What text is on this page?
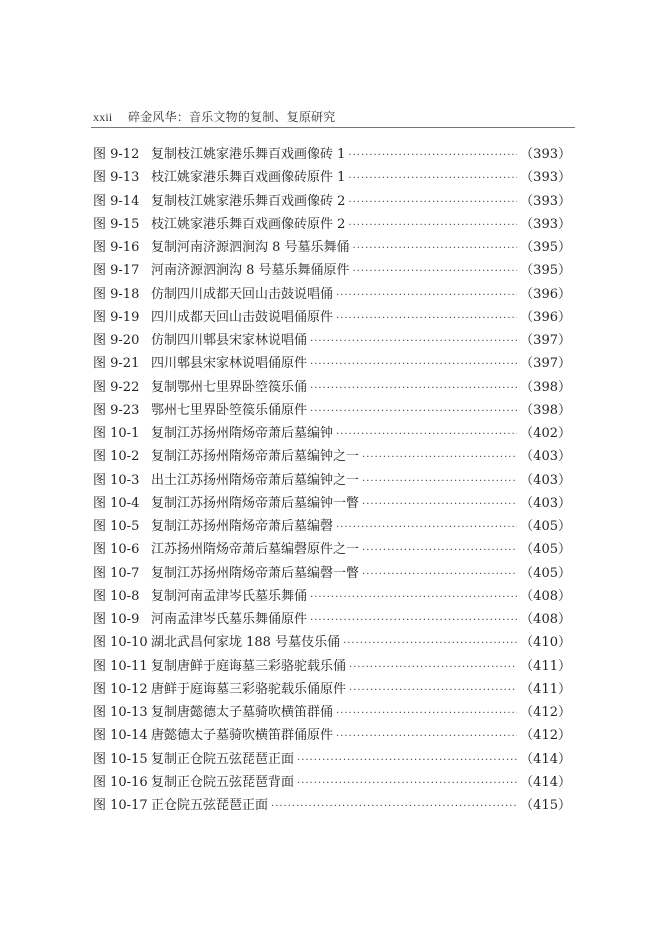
xxii 碎金风华：音乐文物的复制、复原研究
图 9-12 复制枝江姚家港乐舞百戏画像砖 1 ·····	（393）
图 9-13 枝江姚家港乐舞百戏画像砖原件 1 ·····	（393）
图 9-14 复制枝江姚家港乐舞百戏画像砖 2 ·····	（393）
图 9-15 枝江姚家港乐舞百戏画像砖原件 2 ·····	（393）
图 9-16 复制河南济源泗涧沟 8 号墓乐舞俑 ·····	（395）
图 9-17 河南济源泗涧沟 8 号墓乐舞俑原件 ·····	（395）
图 9-18 仿制四川成都天回山击鼓说唱俑 ·····	（396）
图 9-19 四川成都天回山击鼓说唱俑原件 ·····	（396）
图 9-20 仿制四川郫县宋家林说唱俑 ·····	（397）
图 9-21 四川郫县宋家林说唱俑原件 ·····	（397）
图 9-22 复制鄂州七里界卧箜篌乐俑 ·····	（398）
图 9-23 鄂州七里界卧箜篌乐俑原件 ·····	（398）
图 10-1 复制江苏扬州隋炀帝萧后墓编钟 ·····	（402）
图 10-2 复制江苏扬州隋炀帝萧后墓编钟之一 ·····	（403）
图 10-3 出土江苏扬州隋炀帝萧后墓编钟之一 ·····	（403）
图 10-4 复制江苏扬州隋炀帝萧后墓编钟一瞥 ·····	（403）
图 10-5 复制江苏扬州隋炀帝萧后墓编磬 ·····	（405）
图 10-6 江苏扬州隋炀帝萧后墓编磬原件之一 ·····	（405）
图 10-7 复制江苏扬州隋炀帝萧后墓编磬一瞥 ·····	（405）
图 10-8 复制河南孟津岑氏墓乐舞俑 ·····	（408）
图 10-9 河南孟津岑氏墓乐舞俑原件 ·····	（408）
图 10-10 湖北武昌何家垅 188 号墓伎乐俑 ·····	（410）
图 10-11 复制唐鲜于庭诲墓三彩骆驼载乐俑 ·····	（411）
图 10-12 唐鲜于庭诲墓三彩骆驼载乐俑原件 ·····	（411）
图 10-13 复制唐懿德太子墓骑吹横笛群俑 ·····	（412）
图 10-14 唐懿德太子墓骑吹横笛群俑原件 ·····	（412）
图 10-15 复制正仓院五弦琵琶正面 ·····	（414）
图 10-16 复制正仓院五弦琵琶背面 ·····	（414）
图 10-17 正仓院五弦琵琶正面 ·····	（415）
